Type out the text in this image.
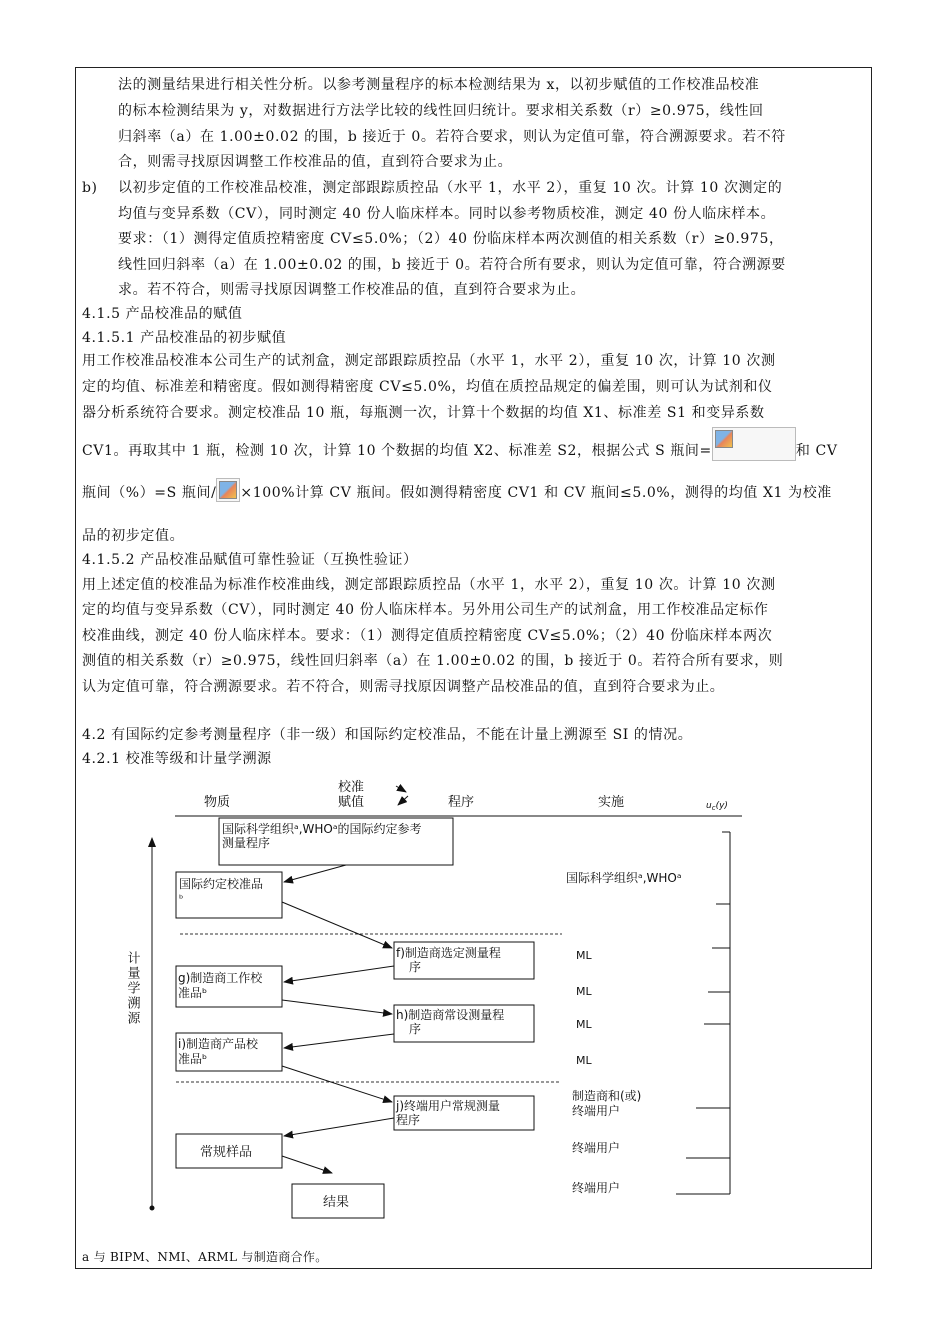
法的测量结果进行相关性分析。以参考测量程序的标本检测结果为 x，以初步赋值的工作校准品校准
的标本检测结果为 y，对数据进行方法学比较的线性回归统计。要求相关系数（r）≥0.975，线性回
归斜率（a）在 1.00±0.02 的围，b 接近于 0。若符合要求，则认为定值可靠，符合溯源要求。若不符
合，则需寻找原因调整工作校准品的值，直到符合要求为止。
b) 以初步定值的工作校准品校准，测定部跟踪质控品（水平 1，水平 2），重复 10 次。计算 10 次测定的
均值与变异系数（CV），同时测定 40 份人临床样本。同时以参考物质校准，测定 40 份人临床样本。
要求：（1）测得定值质控精密度 CV≤5.0%；（2）40 份临床样本两次测值的相关系数（r）≥0.975，
线性回归斜率（a）在 1.00±0.02 的围，b 接近于 0。若符合所有要求，则认为定值可靠，符合溯源要
求。若不符合，则需寻找原因调整工作校准品的值，直到符合要求为止。
4.1.5 产品校准品的赋值
4.1.5.1 产品校准品的初步赋值
用工作校准品校准本公司生产的试剂盒，测定部跟踪质控品（水平 1，水平 2），重复 10 次，计算 10 次测
定的均值、标准差和精密度。假如测得精密度 CV≤5.0%，均值在质控品规定的偏差围，则可认为试剂和仪
器分析系统符合要求。测定校准品 10 瓶，每瓶测一次，计算十个数据的均值 X1、标准差 S1 和变异系数
CV1。再取其中 1 瓶，检测 10 次，计算 10 个数据的均值 X2、标准差 S2，根据公式 S 瓶间=	和 CV
瓶间（%）=S 瓶间/ ×100%计算 CV 瓶间。假如测得精密度 CV1 和 CV 瓶间≤5.0%，测得的均值 X1 为校准
品的初步定值。
4.1.5.2 产品校准品赋值可靠性验证（互换性验证）
用上述定值的校准品为标准作校准曲线，测定部跟踪质控品（水平 1，水平 2），重复 10 次。计算 10 次测
定的均值与变异系数（CV），同时测定 40 份人临床样本。另外用公司生产的试剂盒，用工作校准品定标作
校准曲线，测定 40 份人临床样本。要求：（1）测得定值质控精密度 CV≤5.0%；（2）40 份临床样本两次
测值的相关系数（r）≥0.975，线性回归斜率（a）在 1.00±0.02 的围，b 接近于 0。若符合所有要求，则
认为定值可靠，符合溯源要求。若不符合，则需寻找原因调整产品校准品的值，直到符合要求为止。
4.2 有国际约定参考测量程序（非一级）和国际约定校准品，不能在计量上溯源至 SI 的情况。
4.2.1 校准等级和计量学溯源
物质
校准
赋值	程序	实施	$u_c(y)$
计量学溯源
国际科学组织ᵃ,WHOᵃ的国际约定参考
测量程序
国际约定校准品
ᵇ
f)制造商选定测量程
序
g)制造商工作校
准品ᵇ
h)制造商常设测量程
序
i)制造商产品校
准品ᵇ
j)终端用户常规测量
程序
常规样品
结果
国际科学组织ᵃ,WHOᵃ
ML
ML
ML
ML
制造商和(或)
终端用户
终端用户
终端用户
a 与 BIPM、NMI、ARML 与制造商合作。
